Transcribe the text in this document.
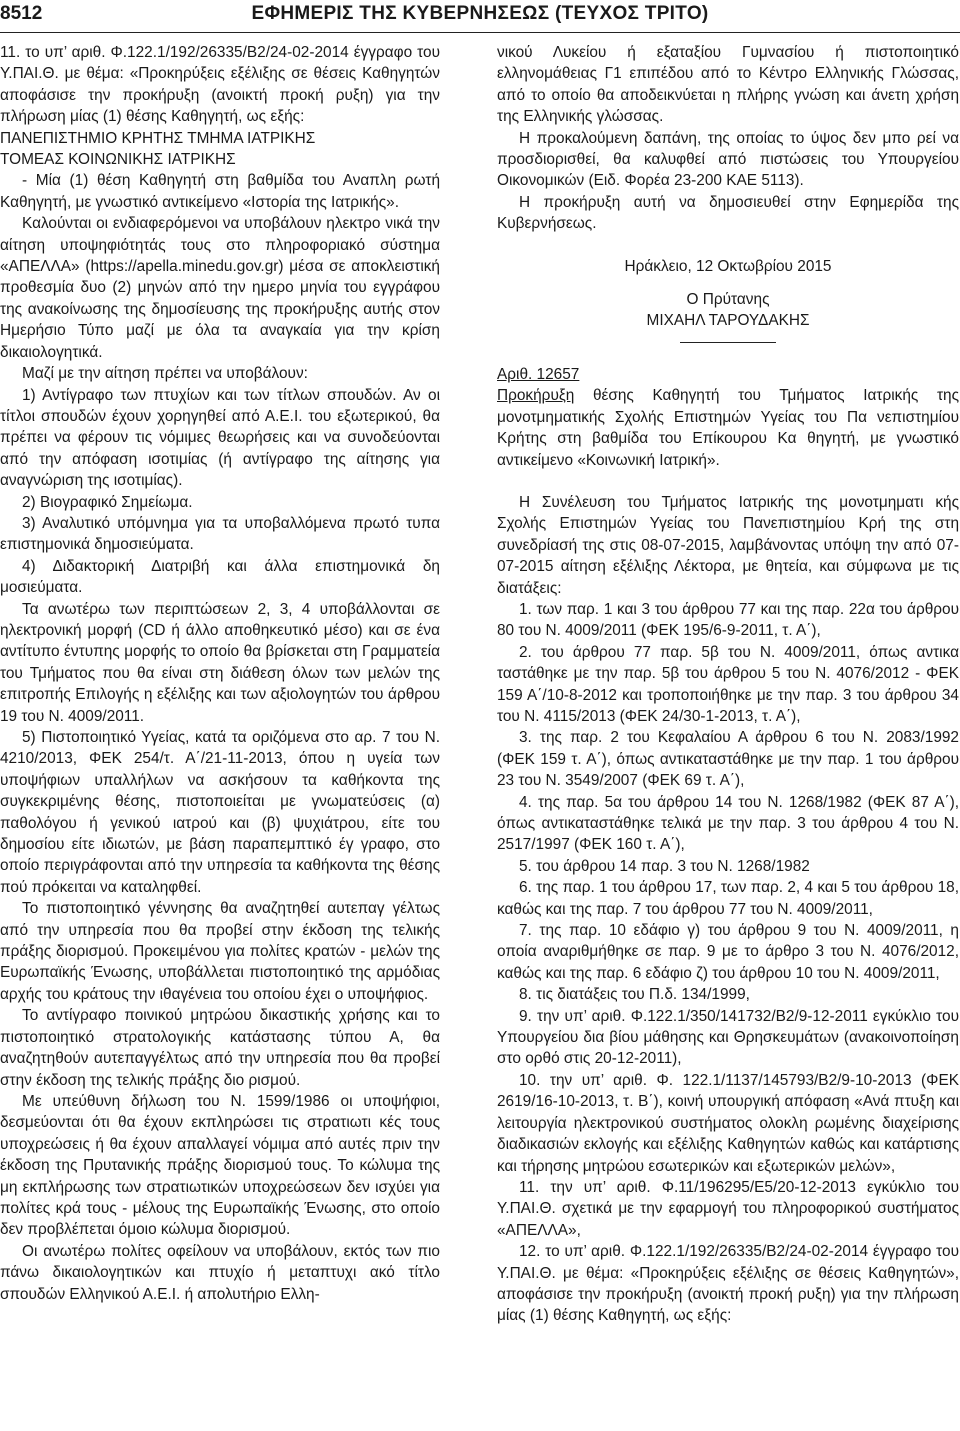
8512	ΕΦΗΜΕΡΙΣ ΤΗΣ ΚΥΒΕΡΝΗΣΕΩΣ (ΤΕΥΧΟΣ ΤΡΙΤΟ)

11. το υπ’ αριθ. Φ.122.1/192/26335/Β2/24-02-2014 έγγραφο του Υ.ΠΑΙ.Θ. με θέμα: «Προκηρύξεις εξέλιξης σε θέσεις Καθηγητών αποφάσισε την προκήρυξη (ανοικτή προκή ρυξη) για την πλήρωση μίας (1) θέσης Καθηγητή, ως εξής:

ΠΑΝΕΠΙΣΤΗΜΙΟ ΚΡΗΤΗΣ ΤΜΗΜΑ ΙΑΤΡΙΚΗΣ

ΤΟΜΕΑΣ ΚΟΙΝΩΝΙΚΗΣ ΙΑΤΡΙΚΗΣ

- Μία (1) θέση Καθηγητή στη βαθμίδα του Αναπλη ρωτή Καθηγητή, με γνωστικό αντικείμενο «Ιστορία της Ιατρικής».

Καλούνται οι ενδιαφερόμενοι να υποβάλουν ηλεκτρο νικά την αίτηση υποψηφιότητάς τους στο πληροφοριακό σύστημα «ΑΠΕΛΛΑ» (https://apella.minedu.gov.gr) μέσα σε αποκλειστική προθεσμία δυο (2) μηνών από την ημερο μηνία του εγγράφου της ανακοίνωσης της δημοσίευσης της προκήρυξης αυτής στον Ημερήσιο Τύπο μαζί με όλα τα αναγκαία για την κρίση δικαιολογητικά.

Μαζί με την αίτηση πρέπει να υποβάλουν:

1) Αντίγραφο των πτυχίων και των τίτλων σπουδών. Αν οι τίτλοι σπουδών έχουν χορηγηθεί από Α.Ε.Ι. του εξωτερικού, θα πρέπει να φέρουν τις νόμιμες θεωρήσεις και να συνοδεύονται από την απόφαση ισοτιμίας (ή αντίγραφο της αίτησης για αναγνώριση της ισοτιμίας).

2) Βιογραφικό Σημείωμα.

3) Αναλυτικό υπόμνημα για τα υποβαλλόμενα πρωτό τυπα επιστημονικά δημοσιεύματα.

4) Διδακτορική Διατριβή και άλλα επιστημονικά δη μοσιεύματα.

Τα ανωτέρω των περιπτώσεων 2, 3, 4 υποβάλλονται σε ηλεκτρονική μορφή (CD ή άλλο αποθηκευτικό μέσο) και σε ένα αντίτυπο έντυπης μορφής το οποίο θα βρίσκεται στη Γραμματεία του Τμήματος που θα είναι στη διάθεση όλων των μελών της επιτροπής Επιλογής η εξέλιξης και των αξιολογητών του άρθρου 19 του Ν. 4009/2011.

5) Πιστοποιητικό Υγείας, κατά τα οριζόμενα στο αρ. 7 του Ν. 4210/2013, ΦΕΚ 254/τ. Α΄/21-11-2013, όπου η υγεία των υποψήφιων υπαλλήλων να ασκήσουν τα καθήκοντα της συγκεκριμένης θέσης, πιστοποιείται με γνωματεύσεις (α) παθολόγου ή γενικού ιατρού και (β) ψυχιάτρου, είτε του δημοσίου είτε ιδιωτών, με βάση παραπεμπτικό έγ γραφο, στο οποίο περιγράφονται από την υπηρεσία τα καθήκοντα της θέσης πού πρόκειται να καταληφθεί.

Το πιστοποιητικό γέννησης θα αναζητηθεί αυτεπαγ γέλτως από την υπηρεσία που θα προβεί στην έκδοση της τελικής πράξης διορισμού. Προκειμένου για πολίτες κρατών - μελών της Ευρωπαϊκής Ένωσης, υποβάλλεται πιστοποιητικό της αρμόδιας αρχής του κράτους την ιθαγένεια του οποίου έχει ο υποψήφιος.

Το αντίγραφο ποινικού μητρώου δικαστικής χρήσης και το πιστοποιητικό στρατολογικής κατάστασης τύπου Α, θα αναζητηθούν αυτεπαγγέλτως από την υπηρεσία που θα προβεί στην έκδοση της τελικής πράξης διο ρισμού.

Με υπεύθυνη δήλωση του Ν. 1599/1986 οι υποψήφιοι, δεσμεύονται ότι θα έχουν εκπληρώσει τις στρατιωτι κές τους υποχρεώσεις ή θα έχουν απαλλαγεί νόμιμα από αυτές πριν την έκδοση της Πρυτανικής πράξης διορισμού τους. Το κώλυμα της μη εκπλήρωσης των στρατιωτικών υποχρεώσεων δεν ισχύει για πολίτες κρά τους - μέλους της Ευρωπαϊκής Ένωσης, στο οποίο δεν προβλέπεται όμοιο κώλυμα διορισμού.

Οι ανωτέρω πολίτες οφείλουν να υποβάλουν, εκτός των πιο πάνω δικαιολογητικών και πτυχίο ή μεταπτυχι ακό τίτλο σπουδών Ελληνικού Α.Ε.Ι. ή απολυτήριο Ελλη-

νικού Λυκείου ή εξαταξίου Γυμνασίου ή πιστοποιητικό ελληνομάθειας Γ1 επιπέδου από το Κέντρο Ελληνικής Γλώσσας, από το οποίο θα αποδεικνύεται η πλήρης γνώση και άνετη χρήση της Ελληνικής γλώσσας.

Η προκαλούμενη δαπάνη, της οποίας το ύψος δεν μπο ρεί να προσδιορισθεί, θα καλυφθεί από πιστώσεις του Υπουργείου Οικονομικών (Ειδ. Φορέα 23-200 ΚΑΕ 5113).

Η προκήρυξη αυτή να δημοσιευθεί στην Εφημερίδα της Κυβερνήσεως.

Ηράκλειο, 12 Οκτωβρίου 2015

Ο Πρύτανης

ΜΙΧΑΗΛ ΤΑΡΟΥΔΑΚΗΣ

Αριθ. 12657

Προκήρυξη θέσης Καθηγητή του Τμήματος Ιατρικής της μονοτμηματικής Σχολής Επιστημών Υγείας του Πα νεπιστημίου Κρήτης στη βαθμίδα του Επίκουρου Κα θηγητή, με γνωστικό αντικείμενο «Κοινωνική Ιατρική».

Η Συνέλευση του Τμήματος Ιατρικής της μονοτμηματι κής Σχολής Επιστημών Υγείας του Πανεπιστημίου Κρή της στη συνεδρίασή της στις 08-07-2015, λαμβάνοντας υπόψη την από 07-07-2015 αίτηση εξέλιξης Λέκτορα, με θητεία, και σύμφωνα με τις διατάξεις:

1. των παρ. 1 και 3 του άρθρου 77 και της παρ. 22α του άρθρου 80 του Ν. 4009/2011 (ΦΕΚ 195/6-9-2011, τ. Α΄),

2. του άρθρου 77 παρ. 5β του Ν. 4009/2011, όπως αντικα ταστάθηκε με την παρ. 5β του άρθρου 5 του Ν. 4076/2012 - ΦΕΚ 159 Α΄/10-8-2012 και τροποποιήθηκε με την παρ. 3 του άρθρου 34 του Ν. 4115/2013 (ΦΕΚ 24/30-1-2013, τ. Α΄),

3. της παρ. 2 του Κεφαλαίου Α άρθρου 6 του Ν. 2083/1992 (ΦΕΚ 159 τ. Α΄), όπως αντικαταστάθηκε με την παρ. 1 του άρθρου 23 του Ν. 3549/2007 (ΦΕΚ 69 τ. Α΄),

4. της παρ. 5α του άρθρου 14 του Ν. 1268/1982 (ΦΕΚ 87 Α΄), όπως αντικαταστάθηκε τελικά με την παρ. 3 του άρθρου 4 του Ν. 2517/1997 (ΦΕΚ 160 τ. Α΄),

5. του άρθρου 14 παρ. 3 του Ν. 1268/1982

6. της παρ. 1 του άρθρου 17, των παρ. 2, 4 και 5 του άρθρου 18, καθώς και της παρ. 7 του άρθρου 77 του Ν. 4009/2011,

7. της παρ. 10 εδάφιο γ) του άρθρου 9 του Ν. 4009/2011, η οποία αναριθμήθηκε σε παρ. 9 με το άρθρο 3 του Ν. 4076/2012, καθώς και της παρ. 6 εδάφιο ζ) του άρθρου 10 του Ν. 4009/2011,

8. τις διατάξεις του Π.δ. 134/1999,

9. την υπ’ αριθ. Φ.122.1/350/141732/Β2/9-12-2011 εγκύκλιο του Υπουργείου δια βίου μάθησης και Θρησκευμάτων (ανακοινοποίηση στο ορθό στις 20-12-2011),

10. την υπ’ αριθ. Φ. 122.1/1137/145793/Β2/9-10-2013 (ΦΕΚ 2619/16-10-2013, τ. Β΄), κοινή υπουργική απόφαση «Ανά πτυξη και λειτουργία ηλεκτρονικού συστήματος ολοκλη ρωμένης διαχείρισης διαδικασιών εκλογής και εξέλιξης Καθηγητών καθώς και κατάρτισης και τήρησης μητρώου εσωτερικών και εξωτερικών μελών»,

11. την υπ’ αριθ. Φ.11/196295/Ε5/20-12-2013 εγκύκλιο του Υ.ΠΑΙ.Θ. σχετικά με την εφαρμογή του πληροφορικού συστήματος «ΑΠΕΛΛΑ»,

12. το υπ’ αριθ. Φ.122.1/192/26335/Β2/24-02-2014 έγγραφο του Υ.ΠΑΙ.Θ. με θέμα: «Προκηρύξεις εξέλιξης σε θέσεις Καθηγητών», αποφάσισε την προκήρυξη (ανοικτή προκή ρυξη) για την πλήρωση μίας (1) θέσης Καθηγητή, ως εξής:
